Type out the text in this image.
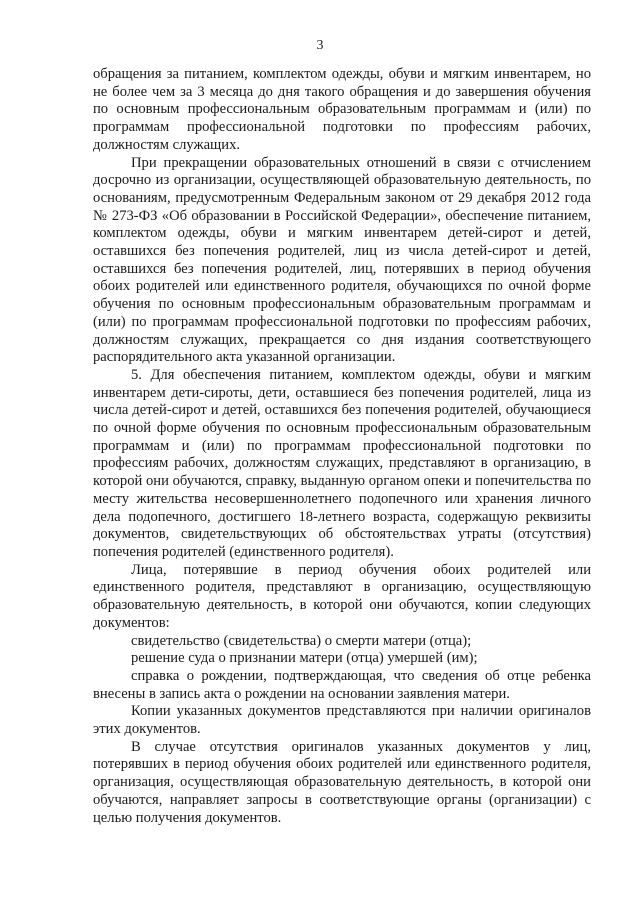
3

обращения за питанием, комплектом одежды, обуви и мягким инвентарем, но не более чем за 3 месяца до дня такого обращения и до завершения обучения по основным профессиональным образовательным программам и (или) по программам профессиональной подготовки по профессиям рабочих, должностям служащих.

При прекращении образовательных отношений в связи с отчислением досрочно из организации, осуществляющей образовательную деятельность, по основаниям, предусмотренным Федеральным законом от 29 декабря 2012 года № 273-ФЗ «Об образовании в Российской Федерации», обеспечение питанием, комплектом одежды, обуви и мягким инвентарем детей-сирот и детей, оставшихся без попечения родителей, лиц из числа детей-сирот и детей, оставшихся без попечения родителей, лиц, потерявших в период обучения обоих родителей или единственного родителя, обучающихся по очной форме обучения по основным профессиональным образовательным программам и (или) по программам профессиональной подготовки по профессиям рабочих, должностям служащих, прекращается со дня издания соответствующего распорядительного акта указанной организации.

5. Для обеспечения питанием, комплектом одежды, обуви и мягким инвентарем дети-сироты, дети, оставшиеся без попечения родителей, лица из числа детей-сирот и детей, оставшихся без попечения родителей, обучающиеся по очной форме обучения по основным профессиональным образовательным программам и (или) по программам профессиональной подготовки по профессиям рабочих, должностям служащих, представляют в организацию, в которой они обучаются, справку, выданную органом опеки и попечительства по месту жительства несовершеннолетнего подопечного или хранения личного дела подопечного, достигшего 18-летнего возраста, содержащую реквизиты документов, свидетельствующих об обстоятельствах утраты (отсутствия) попечения родителей (единственного родителя).

Лица, потерявшие в период обучения обоих родителей или единственного родителя, представляют в организацию, осуществляющую образовательную деятельность, в которой они обучаются, копии следующих документов:

свидетельство (свидетельства) о смерти матери (отца);

решение суда о признании матери (отца) умершей (им);

справка о рождении, подтверждающая, что сведения об отце ребенка внесены в запись акта о рождении на основании заявления матери.

Копии указанных документов представляются при наличии оригиналов этих документов.

В случае отсутствия оригиналов указанных документов у лиц, потерявших в период обучения обоих родителей или единственного родителя, организация, осуществляющая образовательную деятельность, в которой они обучаются, направляет запросы в соответствующие органы (организации) с целью получения документов.
